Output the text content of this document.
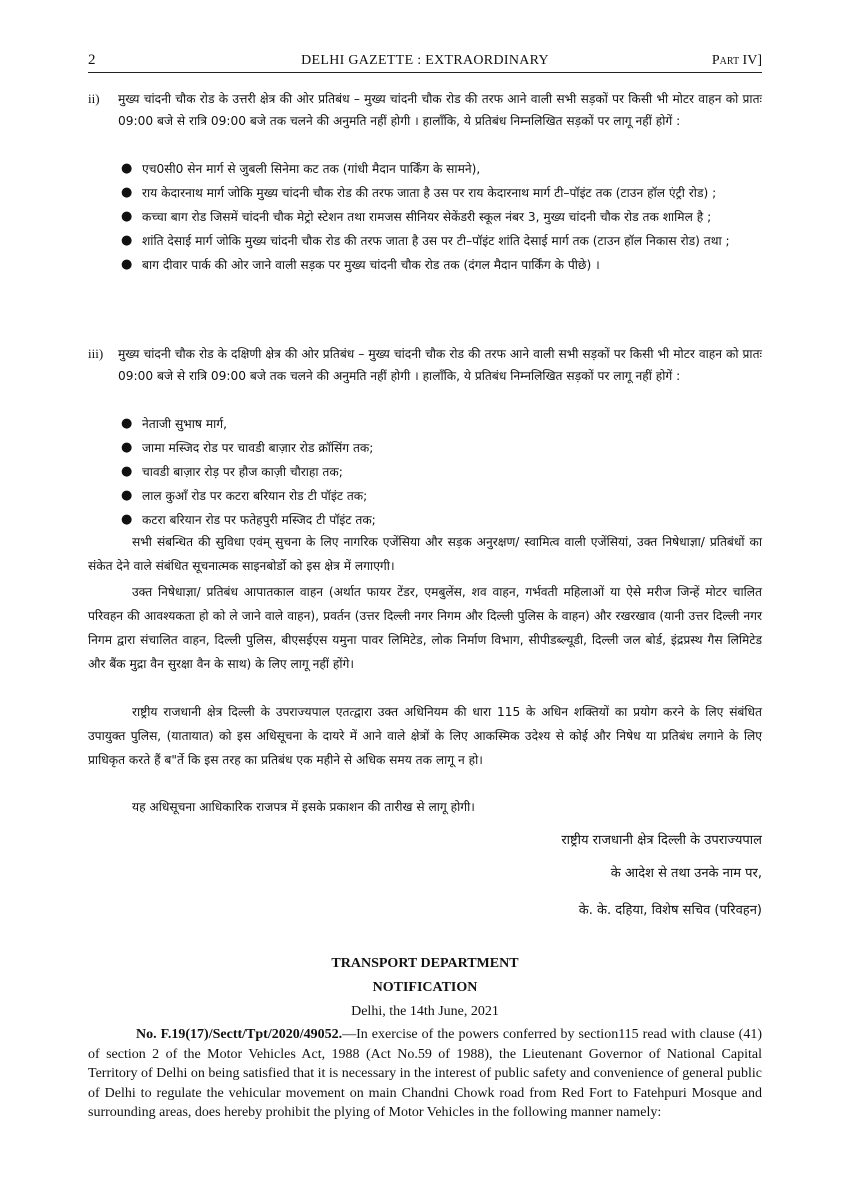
2	DELHI GAZETTE : EXTRAORDINARY	Part IV]
ii) मुख्य चांदनी चौक रोड के उत्तरी क्षेत्र की ओर प्रतिबंध – मुख्य चांदनी चौक रोड की तरफ आने वाली सभी सड़कों पर किसी भी मोटर वाहन को प्रातः 09:00 बजे से रात्रि 09:00 बजे तक चलने की अनुमति नहीं होगी । हालाँकि, ये प्रतिबंध निम्नलिखित सड़कों पर लागू नहीं होगें :
● एच0सी0 सेन मार्ग से जुबली सिनेमा कट तक (गांधी मैदान पार्किंग के सामने),
● राय केदारनाथ मार्ग जोकि मुख्य चांदनी चौक रोड की तरफ जाता है उस पर राय केदारनाथ मार्ग टी–पॉइंट तक (टाउन हॉल एंट्री रोड) ;
● कच्चा बाग रोड जिसमें चांदनी चौक मेट्रो स्टेशन तथा रामजस सीनियर सेकेंडरी स्कूल नंबर 3, मुख्य चांदनी चौक रोड तक शामिल है ;
● शांति देसाई मार्ग जोकि मुख्य चांदनी चौक रोड की तरफ जाता है उस पर टी–पॉइंट शांति देसाई मार्ग तक (टाउन हॉल निकास रोड) तथा ;
● बाग दीवार पार्क की ओर जाने वाली सड़क पर मुख्य चांदनी चौक रोड तक (दंगल मैदान पार्किंग के पीछे) ।
iii) मुख्य चांदनी चौक रोड के दक्षिणी क्षेत्र की ओर प्रतिबंध – मुख्य चांदनी चौक रोड की तरफ आने वाली सभी सड़कों पर किसी भी मोटर वाहन को प्रातः 09:00 बजे से रात्रि 09:00 बजे तक चलने की अनुमति नहीं होगी । हालाँकि, ये प्रतिबंध निम्नलिखित सड़कों पर लागू नहीं होगें :
● नेताजी सुभाष मार्ग,
● जामा मस्जिद रोड पर चावडी बाज़ार रोड क्रॉसिंग तक;
● चावडी बाज़ार रोड़ पर हौज काज़ी चौराहा तक;
● लाल कुऑं रोड पर कटरा बरियान रोड टी पॉइंट तक;
● कटरा बरियान रोड पर फतेहपुरी मस्जिद टी पॉइंट तक;
सभी संबन्धित की सुविधा एवंम् सुचना के लिए नागरिक एजेंसिया और सड़क अनुरक्षण/ स्वामित्व वाली एजेंसियां, उक्त निषेधाज्ञा/ प्रतिबंधों का संकेत देने वाले संबंधित सूचनात्मक साइनबोर्डो को इस क्षेत्र में लगाएगी।
उक्त निषेधाज्ञा/ प्रतिबंध आपातकाल वाहन (अर्थात फायर टेंडर, एमबुलेंस, शव वाहन, गर्भवती महिलाओं या ऐसे मरीज जिन्हें मोटर चालित परिवहन की आवश्यकता हो को ले जाने वाले वाहन), प्रवर्तन (उत्तर दिल्ली नगर निगम और दिल्ली पुलिस के वाहन) और रखरखाव (यानी उत्तर दिल्ली नगर निगम द्वारा संचालित वाहन, दिल्ली पुलिस, बीएसईएस यमुना पावर लिमिटेड, लोक निर्माण विभाग, सीपीडब्ल्यूडी, दिल्ली जल बोर्ड, इंद्रप्रस्थ गैस लिमिटेड और बैंक मुद्रा वैन सुरक्षा वैन के साथ) के लिए लागू नहीं होंगे।
राष्ट्रीय राजधानी क्षेत्र दिल्ली के उपराज्यपाल एतत्द्वारा उक्त अधिनियम की धारा 115 के अधिन शक्तियों का प्रयोग करने के लिए संबंधित उपायुक्त पुलिस, (यातायात) को इस अधिसूचना के दायरे में आने वाले क्षेत्रों के लिए आकस्मिक उदेश्य से कोई और निषेध या प्रतिबंध लगाने के लिए प्राधिकृत करते हैं ब"र्ते कि इस तरह का प्रतिबंध एक महीने से अधिक समय तक लागू न हो।
यह अधिसूचना आधिकारिक राजपत्र में इसके प्रकाशन की तारीख से लागू होगी।
राष्ट्रीय राजधानी क्षेत्र दिल्ली के उपराज्यपाल
के आदेश से तथा उनके नाम पर,
के. के. दहिया, विशेष सचिव (परिवहन)
TRANSPORT DEPARTMENT
NOTIFICATION
Delhi, the 14th June, 2021
No. F.19(17)/Sectt/Tpt/2020/49052.—In exercise of the powers conferred by section115 read with clause (41) of section 2 of the Motor Vehicles Act, 1988 (Act No.59 of 1988), the Lieutenant Governor of National Capital Territory of Delhi on being satisfied that it is necessary in the interest of public safety and convenience of general public of Delhi to regulate the vehicular movement on main Chandni Chowk road from Red Fort to Fatehpuri Mosque and surrounding areas, does hereby prohibit the plying of Motor Vehicles in the following manner namely:
